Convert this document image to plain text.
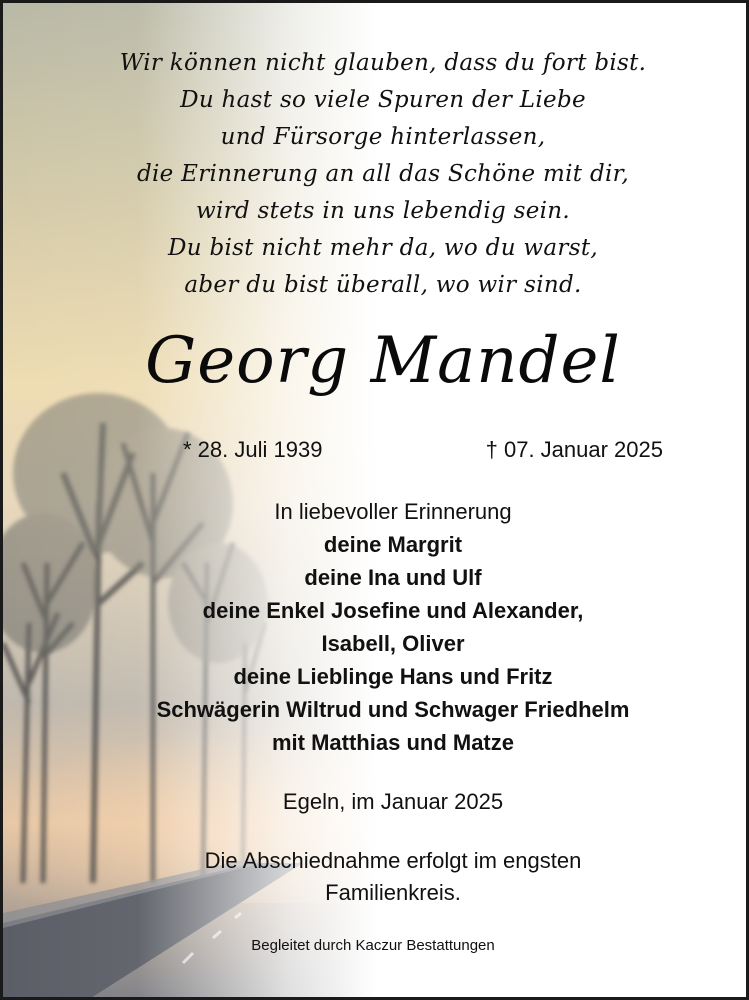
Wir können nicht glauben, dass du fort bist.
Du hast so viele Spuren der Liebe
und Fürsorge hinterlassen,
die Erinnerung an all das Schöne mit dir,
wird stets in uns lebendig sein.
Du bist nicht mehr da, wo du warst,
aber du bist überall, wo wir sind.
Georg Mandel
* 28. Juli 1939	† 07. Januar 2025
In liebevoller Erinnerung
deine Margrit
deine Ina und Ulf
deine Enkel Josefine und Alexander,
Isabell, Oliver
deine Lieblinge Hans und Fritz
Schwägerin Wiltrud und Schwager Friedhelm
mit Matthias und Matze
Egeln, im Januar 2025
Die Abschiednahme erfolgt im engsten
Familienkreis.
Begleitet durch Kaczur Bestattungen
